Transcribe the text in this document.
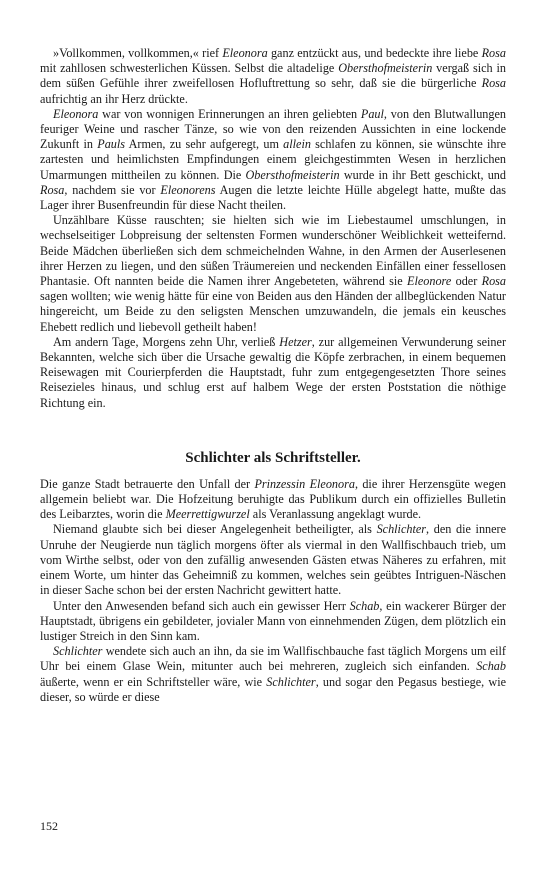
»Vollkommen, vollkommen,« rief Eleonora ganz entzückt aus, und bedeckte ihre liebe Rosa mit zahllosen schwesterlichen Küssen. Selbst die altadelige Obersthofmeisterin vergaß sich in dem süßen Gefühle ihrer zweifellosen Hofluftrettung so sehr, daß sie die bürgerliche Rosa aufrichtig an ihr Herz drückte.

Eleonora war von wonnigen Erinnerungen an ihren geliebten Paul, von den Blutwallungen feuriger Weine und rascher Tänze, so wie von den reizenden Aussichten in eine lockende Zukunft in Pauls Armen, zu sehr aufgeregt, um allein schlafen zu können, sie wünschte ihre zartesten und heimlichsten Empfindungen einem gleichgestimmten Wesen in herzlichen Umarmungen mittheilen zu können. Die Obersthofmeisterin wurde in ihr Bett geschickt, und Rosa, nachdem sie vor Eleonorens Augen die letzte leichte Hülle abgelegt hatte, mußte das Lager ihrer Busenfreundin für diese Nacht theilen.

Unzählbare Küsse rauschten; sie hielten sich wie im Liebestaumel umschlungen, in wechselseitiger Lobpreisung der seltensten Formen wunderschöner Weiblichkeit wetteifernd. Beide Mädchen überließen sich dem schmeichelnden Wahne, in den Armen der Auserlesenen ihrer Herzen zu liegen, und den süßen Träumereien und neckenden Einfällen einer fessellosen Phantasie. Oft nannten beide die Namen ihrer Angebeteten, während sie Eleonore oder Rosa sagen wollten; wie wenig hätte für eine von Beiden aus den Händen der allbeglückenden Natur hingereicht, um Beide zu den seligsten Menschen umzuwandeln, die jemals ein keusches Ehebett redlich und liebevoll getheilt haben!

Am andern Tage, Morgens zehn Uhr, verließ Hetzer, zur allgemeinen Verwunderung seiner Bekannten, welche sich über die Ursache gewaltig die Köpfe zerbrachen, in einem bequemen Reisewagen mit Courierpferden die Hauptstadt, fuhr zum entgegengesetzten Thore seines Reisezieles hinaus, und schlug erst auf halbem Wege der ersten Poststation die nöthige Richtung ein.

Schlichter als Schriftsteller.

Die ganze Stadt betrauerte den Unfall der Prinzessin Eleonora, die ihrer Herzensgüte wegen allgemein beliebt war. Die Hofzeitung beruhigte das Publikum durch ein offizielles Bulletin des Leibarztes, worin die Meerrettigwurzel als Veranlassung angeklagt wurde.

Niemand glaubte sich bei dieser Angelegenheit betheiligter, als Schlichter, den die innere Unruhe der Neugierde nun täglich morgens öfter als viermal in den Wallfischbauch trieb, um vom Wirthe selbst, oder von den zufällig anwesenden Gästen etwas Näheres zu erfahren, mit einem Worte, um hinter das Geheimniß zu kommen, welches sein geübtes Intriguen-Näschen in dieser Sache schon bei der ersten Nachricht gewittert hatte.

Unter den Anwesenden befand sich auch ein gewisser Herr Schab, ein wackerer Bürger der Hauptstadt, übrigens ein gebildeter, jovialer Mann von einnehmenden Zügen, dem plötzlich ein lustiger Streich in den Sinn kam.

Schlichter wendete sich auch an ihn, da sie im Wallfischbauche fast täglich Morgens um eilf Uhr bei einem Glase Wein, mitunter auch bei mehreren, zugleich sich einfanden. Schab äußerte, wenn er ein Schriftsteller wäre, wie Schlichter, und sogar den Pegasus bestiege, wie dieser, so würde er diese

152
